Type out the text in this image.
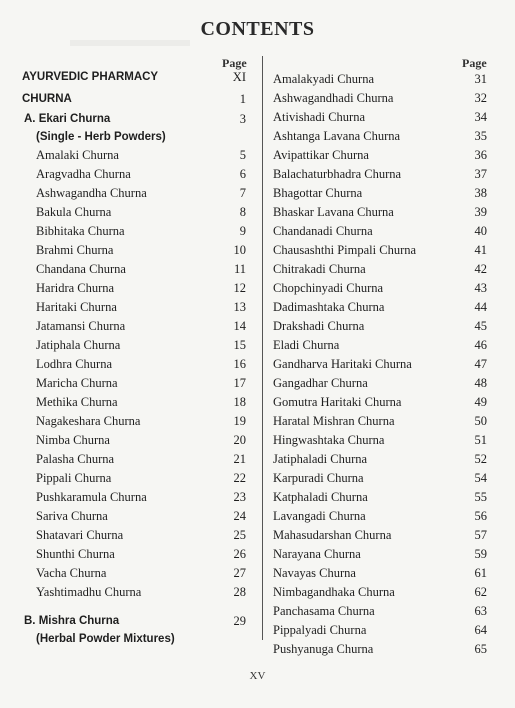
CONTENTS
Page	Page
AYURVEDIC PHARMACY	XI
CHURNA	1
A. Ekari Churna	3
(Single - Herb Powders)
Amalaki Churna	5
Aragvadha Churna	6
Ashwagandha Churna	7
Bakula Churna	8
Bibhitaka Churna	9
Brahmi Churna	10
Chandana Churna	11
Haridra Churna	12
Haritaki Churna	13
Jatamansi Churna	14
Jatiphala Churna	15
Lodhra Churna	16
Maricha Churna	17
Methika Churna	18
Nagakeshara Churna	19
Nimba Churna	20
Palasha Churna	21
Pippali Churna	22
Pushkaramula Churna	23
Sariva Churna	24
Shatavari Churna	25
Shunthi Churna	26
Vacha Churna	27
Yashtimadhu Churna	28
B. Mishra Churna	29
(Herbal Powder Mixtures)
Amalakyadi Churna	31
Ashwagandhadi Churna	32
Ativishadi Churna	34
Ashtanga Lavana Churna	35
Avipattikar Churna	36
Balachaturbhadra Churna	37
Bhagottar Churna	38
Bhaskar Lavana Churna	39
Chandanadi Churna	40
Chausashthi Pimpali Churna	41
Chitrakadi Churna	42
Chopchinyadi Churna	43
Dadimashtaka Churna	44
Drakshadi Churna	45
Eladi Churna	46
Gandharva Haritaki Churna	47
Gangadhar Churna	48
Gomutra Haritaki Churna	49
Haratal Mishran Churna	50
Hingwashtaka Churna	51
Jatiphaladi Churna	52
Karpuradi Churna	54
Katphaladi Churna	55
Lavangadi Churna	56
Mahasudarshan Churna	57
Narayana Churna	59
Navayas Churna	61
Nimbagandhaka Churna	62
Panchasama Churna	63
Pippalyadi Churna	64
Pushyanuga Churna	65
XV
